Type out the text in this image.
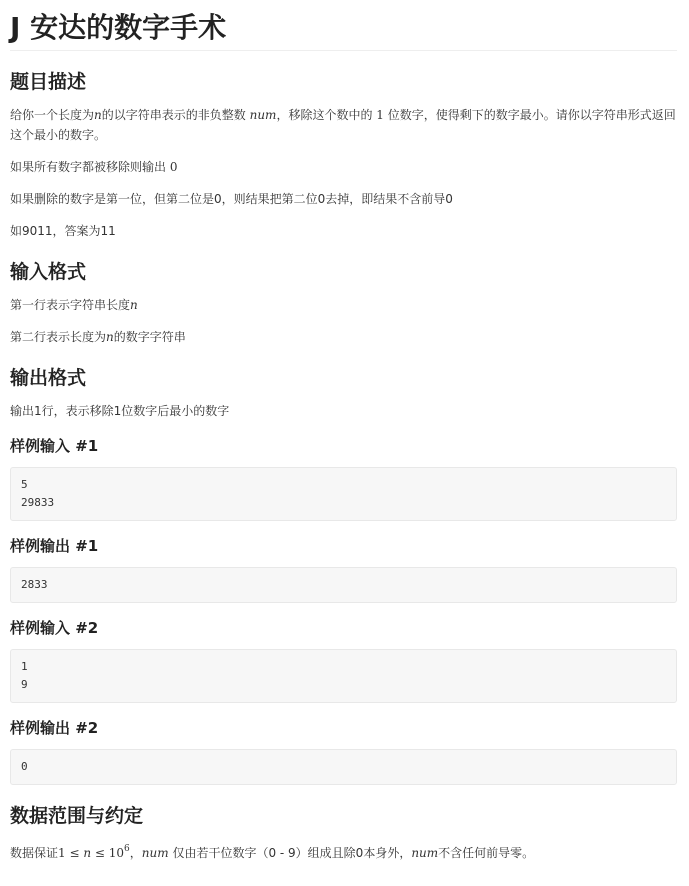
J 安达的数字手术
题目描述

给你一个长度为n的以字符串表示的非负整数 num，移除这个数中的 1 位数字，使得剩下的数字最小。请你以字符串形式返回这个最小的数字。

如果所有数字都被移除则输出 0

如果删除的数字是第一位，但第二位是0，则结果把第二位0去掉，即结果不含前导0

如9011，答案为11

输入格式

第一行表示字符串长度n

第二行表示长度为n的数字字符串

输出格式

输出1行，表示移除1位数字后最小的数字

样例输入 #1
5
29833
样例输出 #1
2833
样例输入 #2
1
9
样例输出 #2
0
数据范围与约定

数据保证$1 \le n \le 10^6$，num 仅由若干位数字（0 - 9）组成且除0本身外，num不含任何前导零。
